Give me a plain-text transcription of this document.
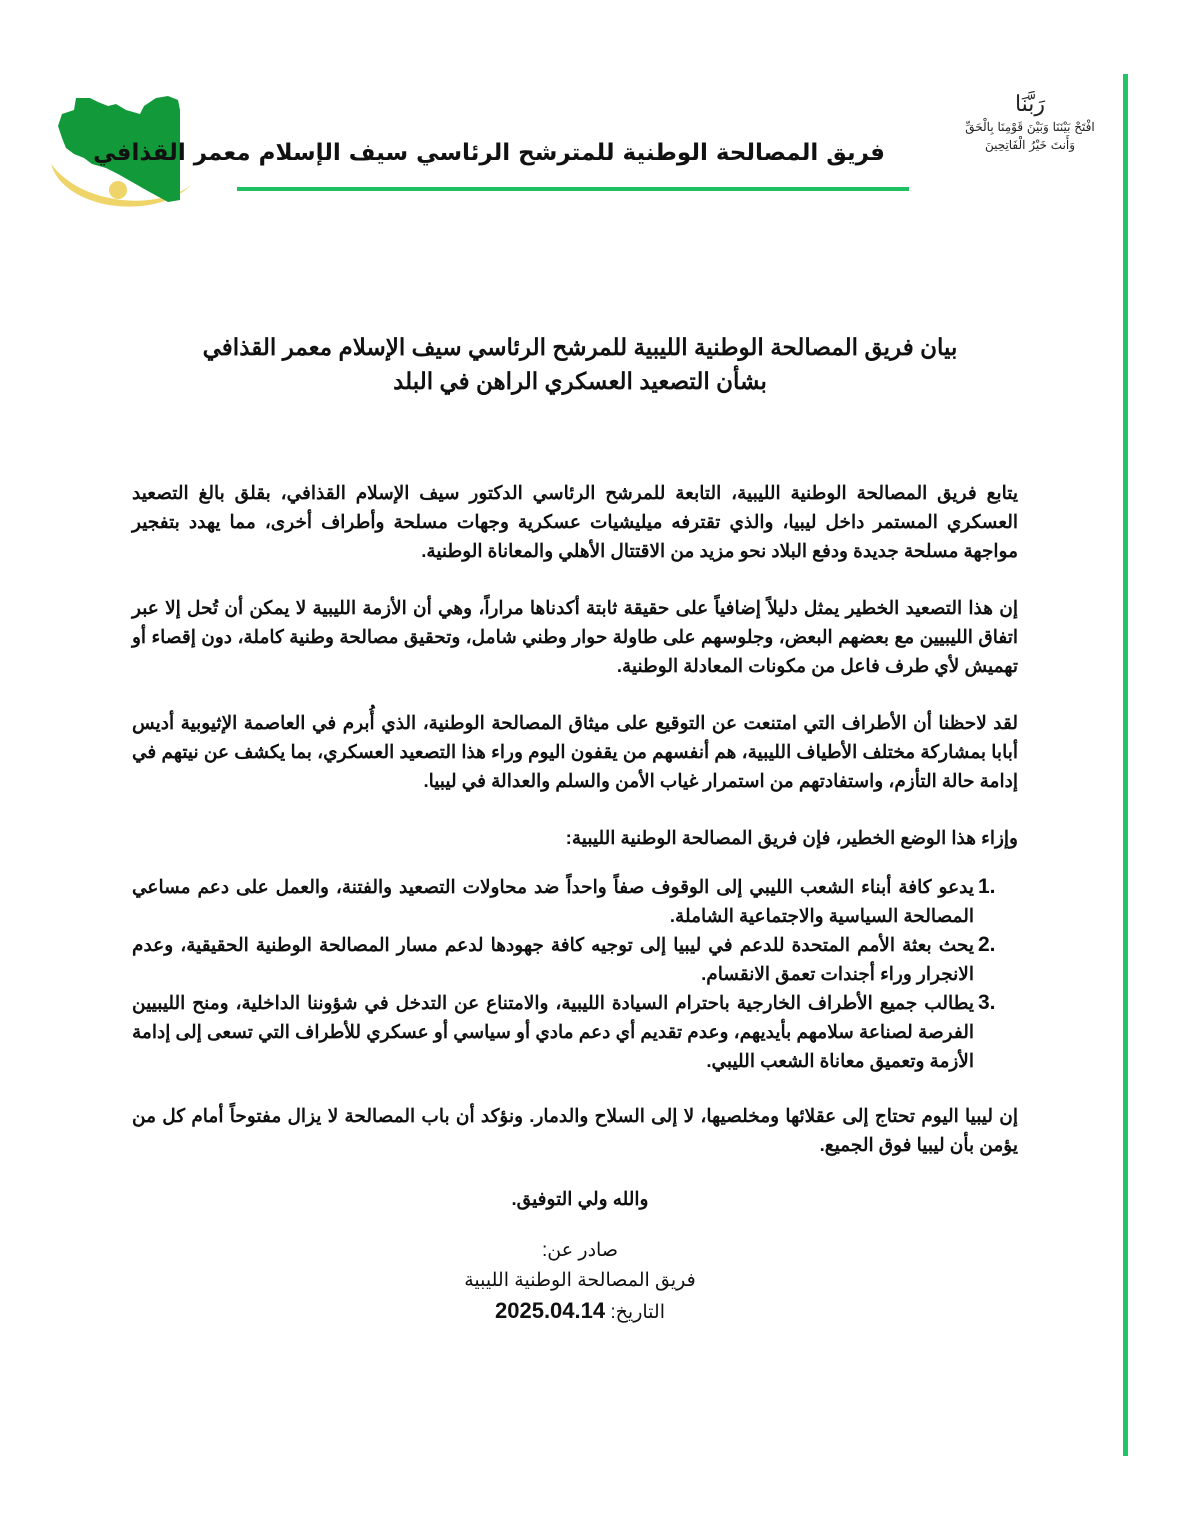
فريق المصالحة الوطنية للمترشح الرئاسي سيف الإسلام معمر القذافي
رَبَّنَا
افْتَحْ بَيْنَنَا وَبَيْنَ قَوْمِنَا بِالْحَقِّ
وَأَنتَ خَيْرُ الْفَاتِحِينَ
بيان فريق المصالحة الوطنية الليبية للمرشح الرئاسي سيف الإسلام معمر القذافي
بشأن التصعيد العسكري الراهن في البلد

يتابع فريق المصالحة الوطنية الليبية، التابعة للمرشح الرئاسي الدكتور سيف الإسلام القذافي، بقلق بالغ التصعيد العسكري المستمر داخل ليبيا، والذي تقترفه ميليشيات عسكرية وجهات مسلحة وأطراف أخرى، مما يهدد بتفجير مواجهة مسلحة جديدة ودفع البلاد نحو مزيد من الاقتتال الأهلي والمعاناة الوطنية.

إن هذا التصعيد الخطير يمثل دليلاً إضافياً على حقيقة ثابتة أكدناها مراراً، وهي أن الأزمة الليبية لا يمكن أن تُحل إلا عبر اتفاق الليبيين مع بعضهم البعض، وجلوسهم على طاولة حوار وطني شامل، وتحقيق مصالحة وطنية كاملة، دون إقصاء أو تهميش لأي طرف فاعل من مكونات المعادلة الوطنية.

لقد لاحظنا أن الأطراف التي امتنعت عن التوقيع على ميثاق المصالحة الوطنية، الذي أُبرم في العاصمة الإثيوبية أديس أبابا بمشاركة مختلف الأطياف الليبية، هم أنفسهم من يقفون اليوم وراء هذا التصعيد العسكري، بما يكشف عن نيتهم في إدامة حالة التأزم، واستفادتهم من استمرار غياب الأمن والسلم والعدالة في ليبيا.

وإزاء هذا الوضع الخطير، فإن فريق المصالحة الوطنية الليبية:

1.
يدعو كافة أبناء الشعب الليبي إلى الوقوف صفاً واحداً ضد محاولات التصعيد والفتنة، والعمل على دعم مساعي المصالحة السياسية والاجتماعية الشاملة.
2.
يحث بعثة الأمم المتحدة للدعم في ليبيا إلى توجيه كافة جهودها لدعم مسار المصالحة الوطنية الحقيقية، وعدم الانجرار وراء أجندات تعمق الانقسام.
3.
يطالب جميع الأطراف الخارجية باحترام السيادة الليبية، والامتناع عن التدخل في شؤوننا الداخلية، ومنح الليبيين الفرصة لصناعة سلامهم بأيديهم، وعدم تقديم أي دعم مادي أو سياسي أو عسكري للأطراف التي تسعى إلى إدامة الأزمة وتعميق معاناة الشعب الليبي.

إن ليبيا اليوم تحتاج إلى عقلائها ومخلصيها، لا إلى السلاح والدمار. ونؤكد أن باب المصالحة لا يزال مفتوحاً أمام كل من يؤمن بأن ليبيا فوق الجميع.

والله ولي التوفيق.
صادر عن:
فريق المصالحة الوطنية الليبية
التاريخ: 2025.04.14
